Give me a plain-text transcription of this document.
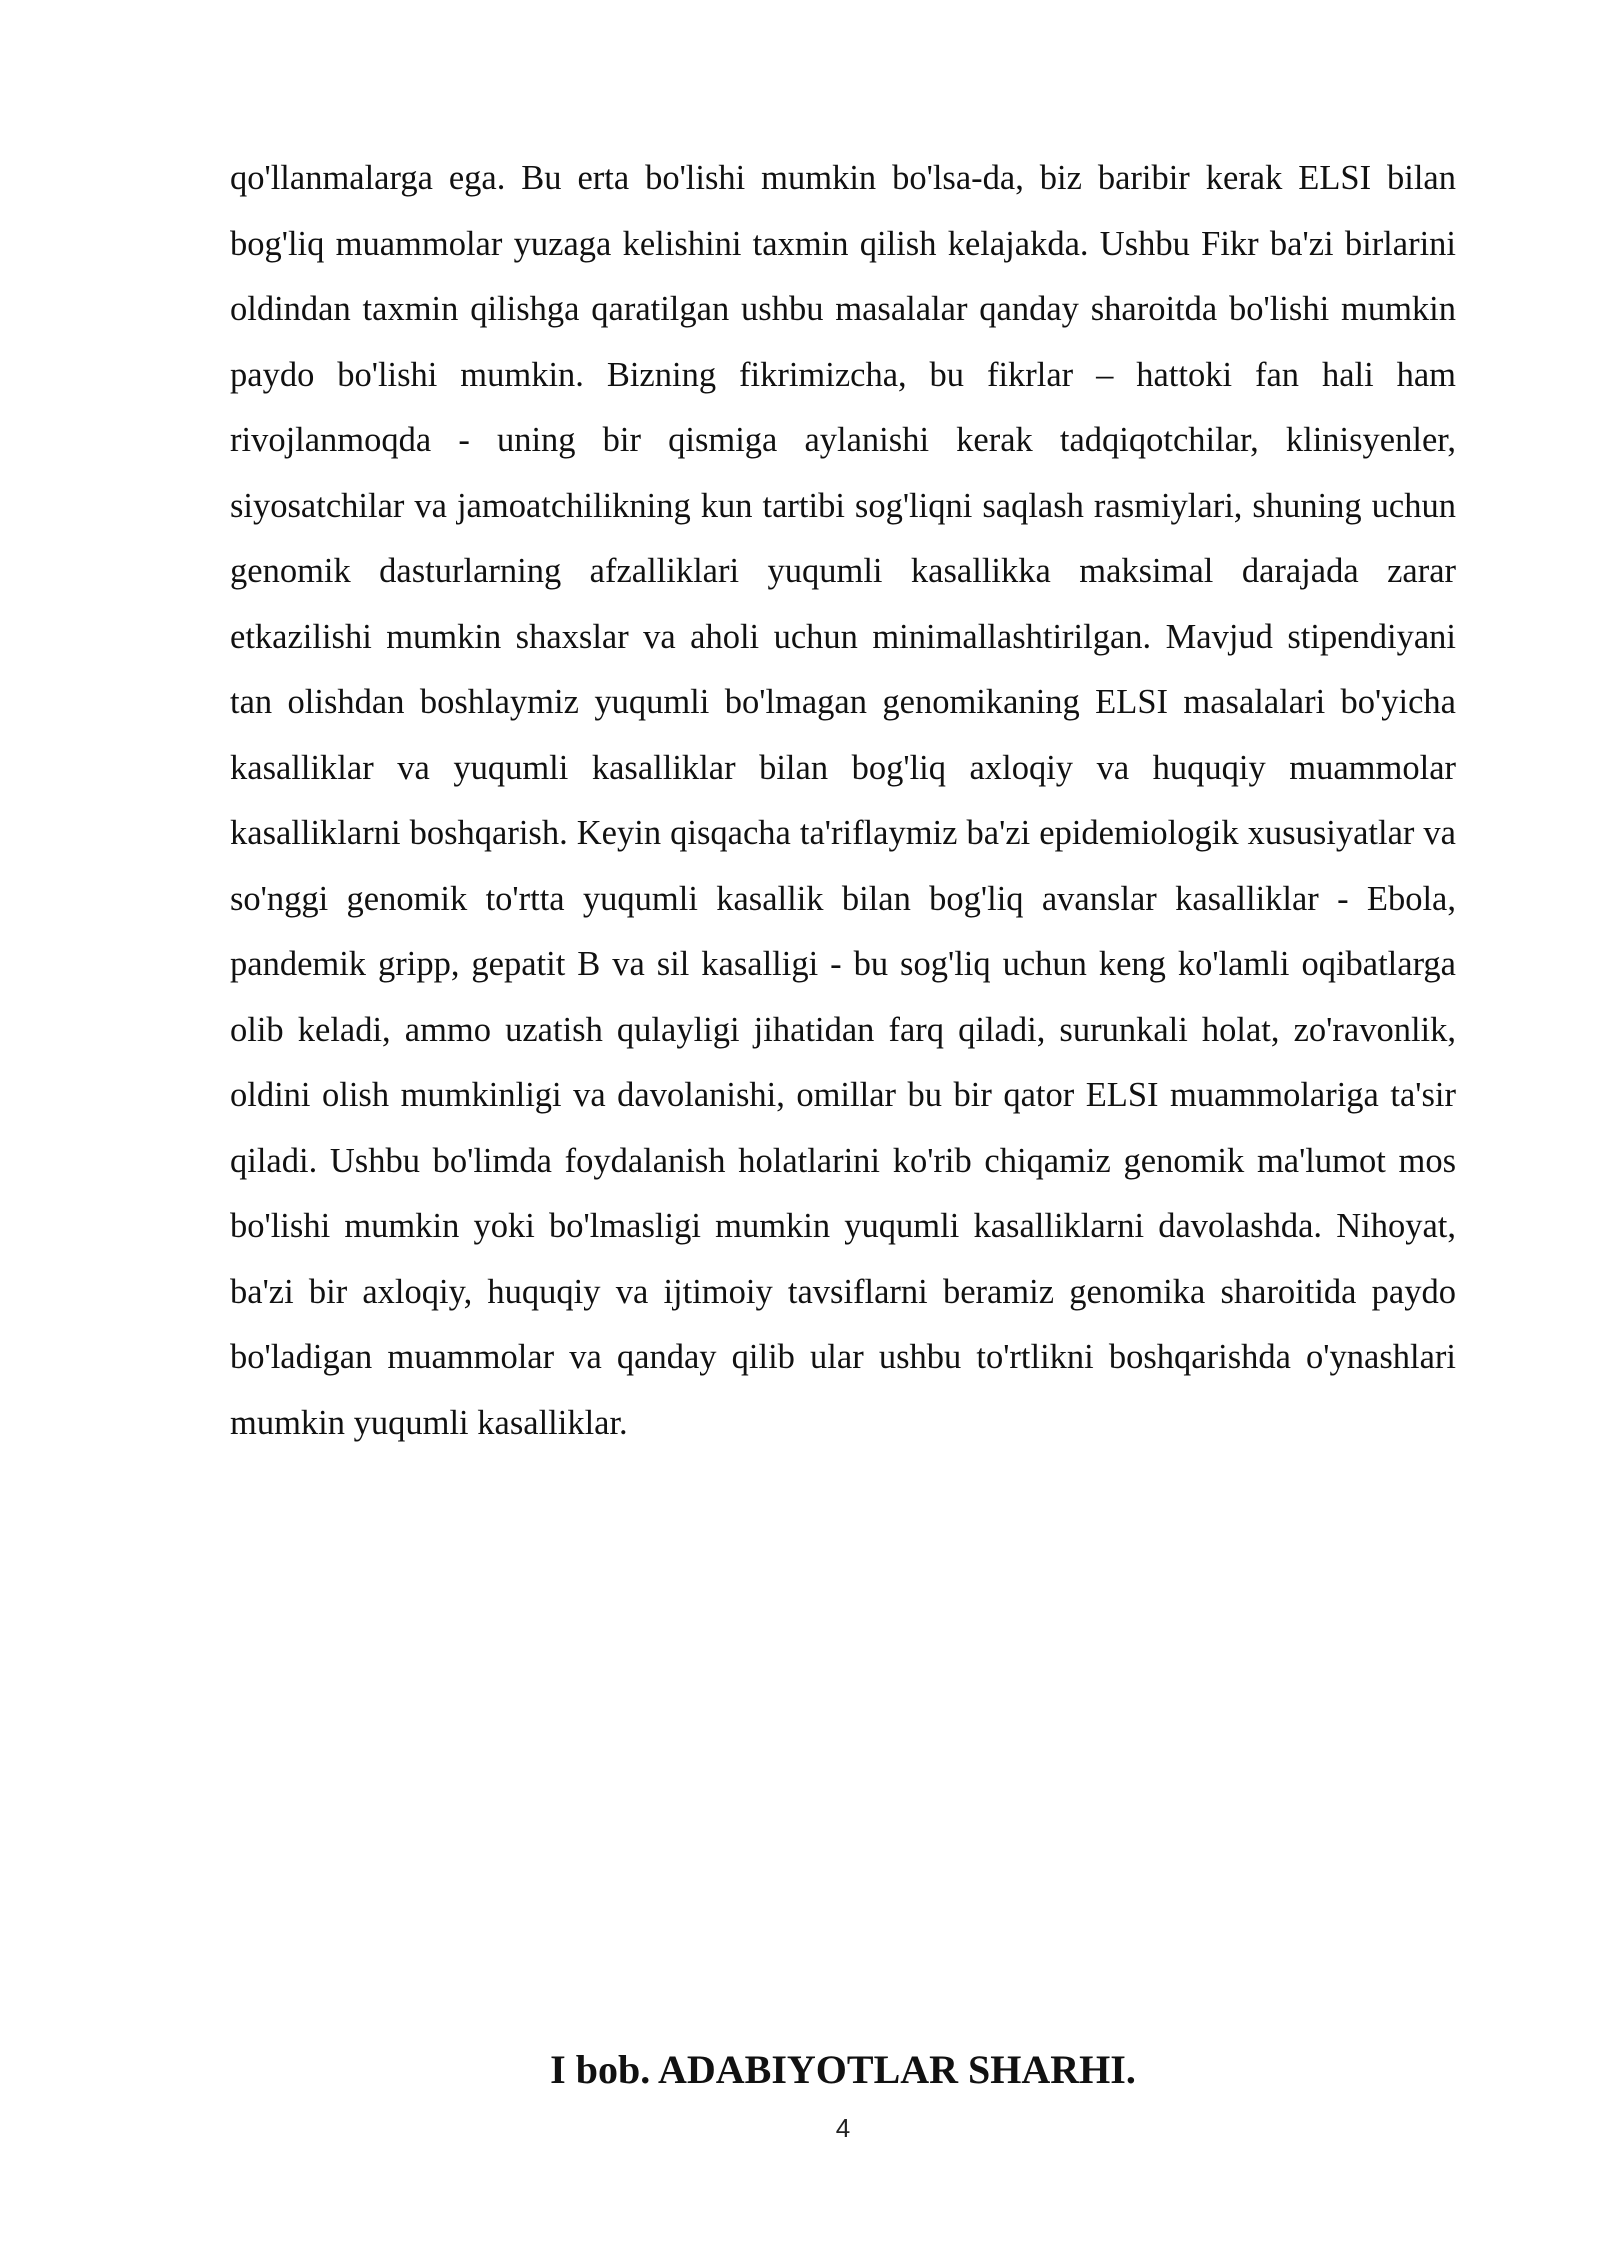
qo'llanmalarga ega. Bu erta bo'lishi mumkin bo'lsa-da, biz baribir kerak ELSI bilan bog'liq muammolar yuzaga kelishini taxmin qilish kelajakda. Ushbu Fikr ba'zi birlarini oldindan taxmin qilishga qaratilgan ushbu masalalar qanday sharoitda bo'lishi mumkin paydo bo'lishi mumkin. Bizning fikrimizcha, bu fikrlar – hattoki fan hali ham rivojlanmoqda - uning bir qismiga aylanishi kerak tadqiqotchilar, klinisyenler, siyosatchilar va jamoatchilikning kun tartibi sog'liqni saqlash rasmiylari, shuning uchun genomik dasturlarning afzalliklari yuqumli kasallikka maksimal darajada zarar etkazilishi mumkin shaxslar va aholi uchun minimallashtirilgan. Mavjud stipendiyani tan olishdan boshlaymiz yuqumli bo'lmagan genomikaning ELSI masalalari bo'yicha kasalliklar va yuqumli kasalliklar bilan bog'liq axloqiy va huquqiy muammolar kasalliklarni boshqarish. Keyin qisqacha ta'riflaymiz ba'zi epidemiologik xususiyatlar va so'nggi genomik to'rtta yuqumli kasallik bilan bog'liq avanslar kasalliklar - Ebola, pandemik gripp, gepatit B va sil kasalligi - bu sog'liq uchun keng ko'lamli oqibatlarga olib keladi, ammo uzatish qulayligi jihatidan farq qiladi, surunkali holat, zo'ravonlik, oldini olish mumkinligi va davolanishi, omillar bu bir qator ELSI muammolariga ta'sir qiladi. Ushbu bo'limda foydalanish holatlarini ko'rib chiqamiz genomik ma'lumot mos bo'lishi mumkin yoki bo'lmasligi mumkin yuqumli kasalliklarni davolashda. Nihoyat, ba'zi bir axloqiy, huquqiy va ijtimoiy tavsiflarni beramiz genomika sharoitida paydo bo'ladigan muammolar va qanday qilib ular ushbu to'rtlikni boshqarishda o'ynashlari mumkin yuqumli kasalliklar.

I bob. ADABIYOTLAR SHARHI.
4
